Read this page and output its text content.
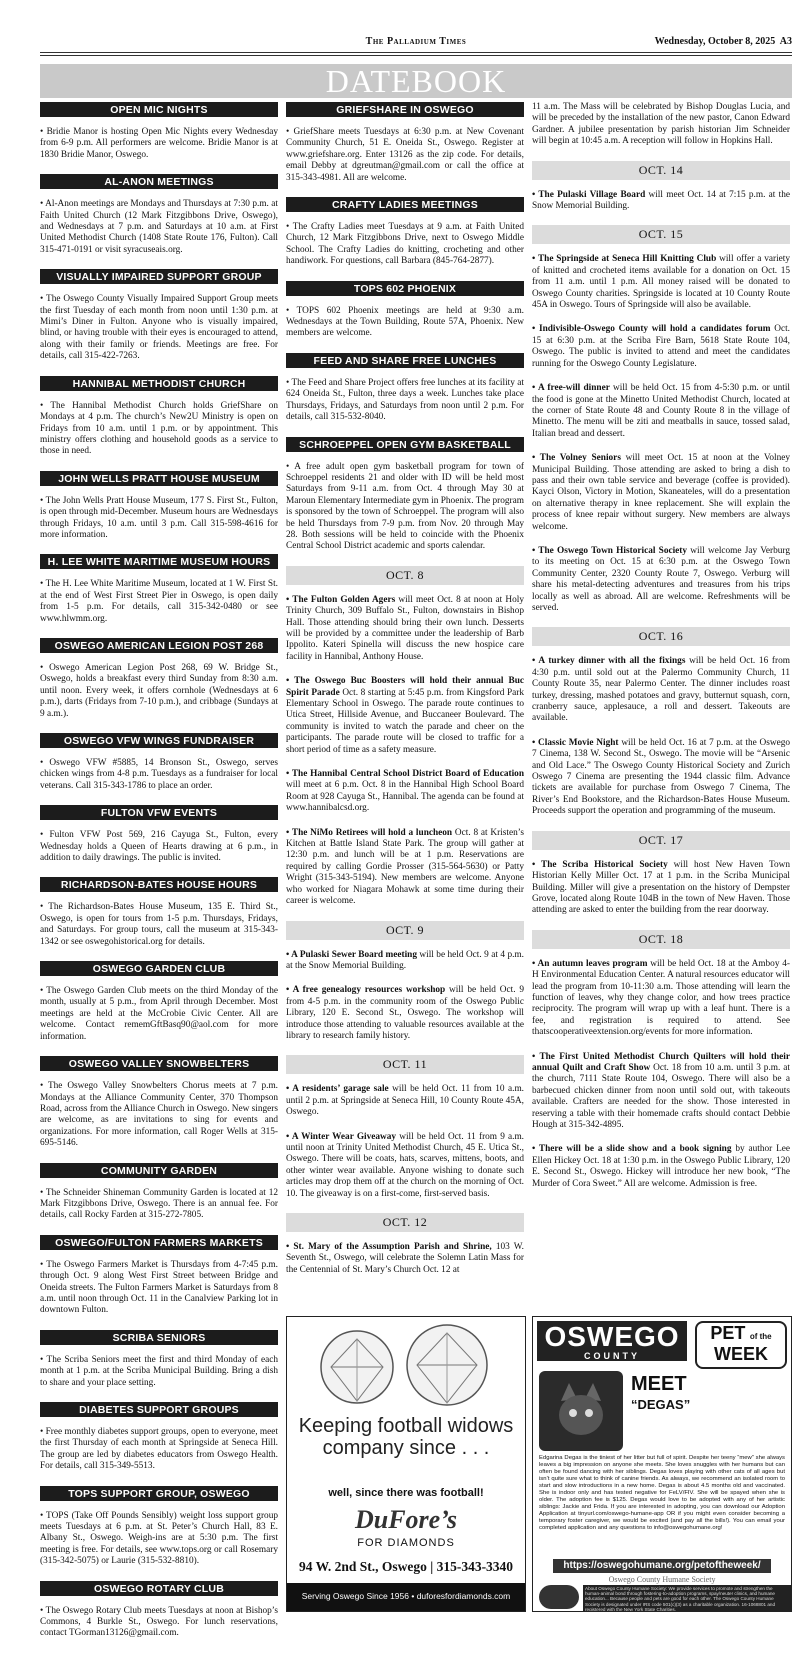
The Palladium Times	Wednesday, October 8, 2025 A3
DATEBOOK
OPEN MIC NIGHTS
• Bridie Manor is hosting Open Mic Nights every Wednesday from 6-9 p.m. All performers are welcome. Bridie Manor is at 1830 Bridie Manor, Oswego.
AL-ANON MEETINGS
• Al-Anon meetings are Mondays and Thursdays at 7:30 p.m. at Faith United Church (12 Mark Fitzgibbons Drive, Oswego), and Wednesdays at 7 p.m. and Saturdays at 10 a.m. at First United Methodist Church (1408 State Route 176, Fulton). Call 315-471-0191 or visit syracuseais.org.
VISUALLY IMPAIRED SUPPORT GROUP
• The Oswego County Visually Impaired Support Group meets the first Tuesday of each month from noon until 1:30 p.m. at Mimi’s Diner in Fulton. Anyone who is visually impaired, blind, or having trouble with their eyes is encouraged to attend, along with their family or friends. Meetings are free. For details, call 315-422-7263.
HANNIBAL METHODIST CHURCH
• The Hannibal Methodist Church holds GriefShare on Mondays at 4 p.m. The church’s New2U Ministry is open on Fridays from 10 a.m. until 1 p.m. or by appointment. This ministry offers clothing and household goods as a service to those in need.
JOHN WELLS PRATT HOUSE MUSEUM
• The John Wells Pratt House Museum, 177 S. First St., Fulton, is open through mid-December. Museum hours are Wednesdays through Fridays, 10 a.m. until 3 p.m. Call 315-598-4616 for more information.
H. LEE WHITE MARITIME MUSEUM HOURS
• The H. Lee White Maritime Museum, located at 1 W. First St. at the end of West First Street Pier in Oswego, is open daily from 1-5 p.m. For details, call 315-342-0480 or see www.hlwmm.org.
OSWEGO AMERICAN LEGION POST 268
• Oswego American Legion Post 268, 69 W. Bridge St., Oswego, holds a breakfast every third Sunday from 8:30 a.m. until noon. Every week, it offers cornhole (Wednesdays at 6 p.m.), darts (Fridays from 7-10 p.m.), and cribbage (Sundays at 9 a.m.).
OSWEGO VFW WINGS FUNDRAISER
• Oswego VFW #5885, 14 Bronson St., Oswego, serves chicken wings from 4-8 p.m. Tuesdays as a fundraiser for local veterans. Call 315-343-1786 to place an order.
FULTON VFW EVENTS
• Fulton VFW Post 569, 216 Cayuga St., Fulton, every Wednesday holds a Queen of Hearts drawing at 6 p.m., in addition to daily drawings. The public is invited.
RICHARDSON-BATES HOUSE HOURS
• The Richardson-Bates House Museum, 135 E. Third St., Oswego, is open for tours from 1-5 p.m. Thursdays, Fridays, and Saturdays. For group tours, call the museum at 315-343-1342 or see oswegohistorical.org for details.
OSWEGO GARDEN CLUB
• The Oswego Garden Club meets on the third Monday of the month, usually at 5 p.m., from April through December. Most meetings are held at the McCrobie Civic Center. All are welcome. Contact rememGftBasq90@aol.com for more information.
OSWEGO VALLEY SNOWBELTERS
• The Oswego Valley Snowbelters Chorus meets at 7 p.m. Mondays at the Alliance Community Center, 370 Thompson Road, across from the Alliance Church in Oswego. New singers are welcome, as are invitations to sing for events and organizations. For more information, call Roger Wells at 315-695-5146.
COMMUNITY GARDEN
• The Schneider Shineman Community Garden is located at 12 Mark Fitzgibbons Drive, Oswego. There is an annual fee. For details, call Rocky Farden at 315-272-7805.
OSWEGO/FULTON FARMERS MARKETS
• The Oswego Farmers Market is Thursdays from 4-7:45 p.m. through Oct. 9 along West First Street between Bridge and Oneida streets. The Fulton Farmers Market is Saturdays from 8 a.m. until noon through Oct. 11 in the Canalview Parking lot in downtown Fulton.
SCRIBA SENIORS
• The Scriba Seniors meet the first and third Monday of each month at 1 p.m. at the Scriba Municipal Building. Bring a dish to share and your place setting.
DIABETES SUPPORT GROUPS
• Free monthly diabetes support groups, open to everyone, meet the first Thursday of each month at Springside at Seneca Hill. The group are led by diabetes educators from Oswego Health. For details, call 315-349-5513.
TOPS SUPPORT GROUP, OSWEGO
• TOPS (Take Off Pounds Sensibly) weight loss support group meets Tuesdays at 6 p.m. at St. Peter’s Church Hall, 83 E. Albany St., Oswego. Weigh-ins are at 5:30 p.m. The first meeting is free. For details, see www.tops.org or call Rosemary (315-342-5075) or Laurie (315-532-8810).
OSWEGO ROTARY CLUB
• The Oswego Rotary Club meets Tuesdays at noon at Bishop’s Commons, 4 Burkle St., Oswego. For lunch reservations, contact TGorman13126@gmail.com.
GRIEFSHARE IN OSWEGO
• GriefShare meets Tuesdays at 6:30 p.m. at New Covenant Community Church, 51 E. Oneida St., Oswego. Register at www.griefshare.org. Enter 13126 as the zip code. For details, email Debby at dgreutman@gmail.com or call the office at 315-343-4981. All are welcome.
CRAFTY LADIES MEETINGS
• The Crafty Ladies meet Tuesdays at 9 a.m. at Faith United Church, 12 Mark Fitzgibbons Drive, next to Oswego Middle School. The Crafty Ladies do knitting, crocheting and other handiwork. For questions, call Barbara (845-764-2877).
TOPS 602 PHOENIX
• TOPS 602 Phoenix meetings are held at 9:30 a.m. Wednesdays at the Town Building, Route 57A, Phoenix. New members are welcome.
FEED AND SHARE FREE LUNCHES
• The Feed and Share Project offers free lunches at its facility at 624 Oneida St., Fulton, three days a week. Lunches take place Thursdays, Fridays, and Saturdays from noon until 2 p.m. For details, call 315-532-8040.
SCHROEPPEL OPEN GYM BASKETBALL
• A free adult open gym basketball program for town of Schroeppel residents 21 and older with ID will be held most Saturdays from 9-11 a.m. from Oct. 4 through May 30 at Maroun Elementary Intermediate gym in Phoenix. The program is sponsored by the town of Schroeppel. The program will also be held Thursdays from 7-9 p.m. from Nov. 20 through May 28. Both sessions will be held to coincide with the Phoenix Central School District academic and sports calendar.
OCT. 8
• The Fulton Golden Agers will meet Oct. 8 at noon at Holy Trinity Church, 309 Buffalo St., Fulton, downstairs in Bishop Hall. Those attending should bring their own lunch. Desserts will be provided by a committee under the leadership of Barb Ippolito. Kateri Spinella will discuss the new hospice care facility in Hannibal, Anthony House.
• The Oswego Buc Boosters will hold their annual Buc Spirit Parade Oct. 8 starting at 5:45 p.m. from Kingsford Park Elementary School in Oswego. The parade route continues to Utica Street, Hillside Avenue, and Buccaneer Boulevard. The community is invited to watch the parade and cheer on the participants. The parade route will be closed to traffic for a short period of time as a safety measure.
• The Hannibal Central School District Board of Education will meet at 6 p.m. Oct. 8 in the Hannibal High School Board Room at 928 Cayuga St., Hannibal. The agenda can be found at www.hannibalcsd.org.
• The NiMo Retirees will hold a luncheon Oct. 8 at Kristen’s Kitchen at Battle Island State Park. The group will gather at 12:30 p.m. and lunch will be at 1 p.m. Reservations are required by calling Gordie Prosser (315-564-5630) or Patty Wright (315-343-5194). New members are welcome. Anyone who worked for Niagara Mohawk at some time during their career is welcome.
OCT. 9
• A Pulaski Sewer Board meeting will be held Oct. 9 at 4 p.m. at the Snow Memorial Building.
• A free genealogy resources workshop will be held Oct. 9 from 4-5 p.m. in the community room of the Oswego Public Library, 120 E. Second St., Oswego. The workshop will introduce those attending to valuable resources available at the library to research family history.
OCT. 11
• A residents’ garage sale will be held Oct. 11 from 10 a.m. until 2 p.m. at Springside at Seneca Hill, 10 County Route 45A, Oswego.
• A Winter Wear Giveaway will be held Oct. 11 from 9 a.m. until noon at Trinity United Methodist Church, 45 E. Utica St., Oswego. There will be coats, hats, scarves, mittens, boots, and other winter wear available. Anyone wishing to donate such articles may drop them off at the church on the morning of Oct. 10. The giveaway is on a first-come, first-served basis.
OCT. 12
• St. Mary of the Assumption Parish and Shrine, 103 W. Seventh St., Oswego, will celebrate the Solemn Latin Mass for the Centennial of St. Mary’s Church Oct. 12 at
11 a.m. The Mass will be celebrated by Bishop Douglas Lucia, and will be preceded by the installation of the new pastor, Canon Edward Gardner. A jubilee presentation by parish historian Jim Schneider will begin at 10:45 a.m. A reception will follow in Hopkins Hall.
OCT. 14
• The Pulaski Village Board will meet Oct. 14 at 7:15 p.m. at the Snow Memorial Building.
OCT. 15
• The Springside at Seneca Hill Knitting Club will offer a variety of knitted and crocheted items available for a donation on Oct. 15 from 11 a.m. until 1 p.m. All money raised will be donated to Oswego County charities. Springside is located at 10 County Route 45A in Oswego. Tours of Springside will also be available.
• Indivisible-Oswego County will hold a candidates forum Oct. 15 at 6:30 p.m. at the Scriba Fire Barn, 5618 State Route 104, Oswego. The public is invited to attend and meet the candidates running for the Oswego County Legislature.
• A free-will dinner will be held Oct. 15 from 4-5:30 p.m. or until the food is gone at the Minetto United Methodist Church, located at the corner of State Route 48 and County Route 8 in the village of Minetto. The menu will be ziti and meatballs in sauce, tossed salad, Italian bread and dessert.
• The Volney Seniors will meet Oct. 15 at noon at the Volney Municipal Building. Those attending are asked to bring a dish to pass and their own table service and beverage (coffee is provided). Kayci Olson, Victory in Motion, Skaneateles, will do a presentation on alternative therapy in knee replacement. She will explain the process of knee repair without surgery. New members are always welcome.
• The Oswego Town Historical Society will welcome Jay Verburg to its meeting on Oct. 15 at 6:30 p.m. at the Oswego Town Community Center, 2320 County Route 7, Oswego. Verburg will share his metal-detecting adventures and treasures from his trips locally as well as abroad. All are welcome. Refreshments will be served.
OCT. 16
• A turkey dinner with all the fixings will be held Oct. 16 from 4:30 p.m. until sold out at the Palermo Community Church, 11 County Route 35, near Palermo Center. The dinner includes roast turkey, dressing, mashed potatoes and gravy, butternut squash, corn, cranberry sauce, applesauce, a roll and dessert. Takeouts are available.
• Classic Movie Night will be held Oct. 16 at 7 p.m. at the Oswego 7 Cinema, 138 W. Second St., Oswego. The movie will be “Arsenic and Old Lace.” The Oswego County Historical Society and Zurich Oswego 7 Cinema are presenting the 1944 classic film. Advance tickets are available for purchase from Oswego 7 Cinema, The River’s End Bookstore, and the Richardson-Bates House Museum. Proceeds support the operation and programming of the museum.
OCT. 17
• The Scriba Historical Society will host New Haven Town Historian Kelly Miller Oct. 17 at 1 p.m. in the Scriba Municipal Building. Miller will give a presentation on the history of Dempster Grove, located along Route 104B in the town of New Haven. Those attending are asked to enter the building from the rear doorway.
OCT. 18
• An autumn leaves program will be held Oct. 18 at the Amboy 4-H Environmental Education Center. A natural resources educator will lead the program from 10-11:30 a.m. Those attending will learn the function of leaves, why they change color, and how trees practice reciprocity. The program will wrap up with a leaf hunt. There is a fee, and registration is required to attend. See thatscooperativeextension.org/events for more information.
• The First United Methodist Church Quilters will hold their annual Quilt and Craft Show Oct. 18 from 10 a.m. until 3 p.m. at the church, 7111 State Route 104, Oswego. There will also be a barbecued chicken dinner from noon until sold out, with takeouts available. Crafters are needed for the show. Those interested in reserving a table with their homemade crafts should contact Debbie Hough at 315-342-4895.
• There will be a slide show and a book signing by author Lee Ellen Hickey Oct. 18 at 1:30 p.m. in the Oswego Public Library, 120 E. Second St., Oswego. Hickey will introduce her new book, “The Murder of Cora Sweet.” All are welcome. Admission is free.
Keeping football widows company since . . .
well, since there was football!
DuFore’s
FOR DIAMONDS
94 W. 2nd St., Oswego | 315-343-3340
Serving Oswego Since 1956 • duforesfordiamonds.com
OSWEGO
COUNTY
PET of the
WEEK
MEET
“DEGAS”
Edgarina Degas is the tiniest of her litter but full of spirit. Despite her teeny “mew” she always leaves a big impression on anyone she meets. She loves snuggles with her humans but can often be found dancing with her siblings. Degas loves playing with other cats of all ages but isn’t quite sure what to think of canine friends. As always, we recommend an isolated room to start and slow introductions in a new home. Degas is about 4.5 months old and vaccinated. She is indoor only and has tested negative for FeLV/FIV. She will be spayed when she is older. The adoption fee is $125. Degas would love to be adopted with any of her artistic siblings: Jackie and Frida. If you are interested in adopting, you can download our Adoption Application at tinyurl.com/oswego-humane-app OR if you might even consider becoming a temporary foster caregiver, we would be excited (and pay all the bills!). You can email your completed application and any questions to info@oswegohumane.org!
https://oswegohumane.org/petoftheweek/
Oswego County Humane Society
About Oswego County Humane Society: We provide services to promote and strengthen the human-animal bond through fostering-to-adoption programs, spay/neuter clinics, and humane education... Because people and pets are good for each other. The Oswego County Humane Society is designated under IRS code 501(c)(3) as a charitable organization. 16-1068801 and registered with the New York State Charities.
